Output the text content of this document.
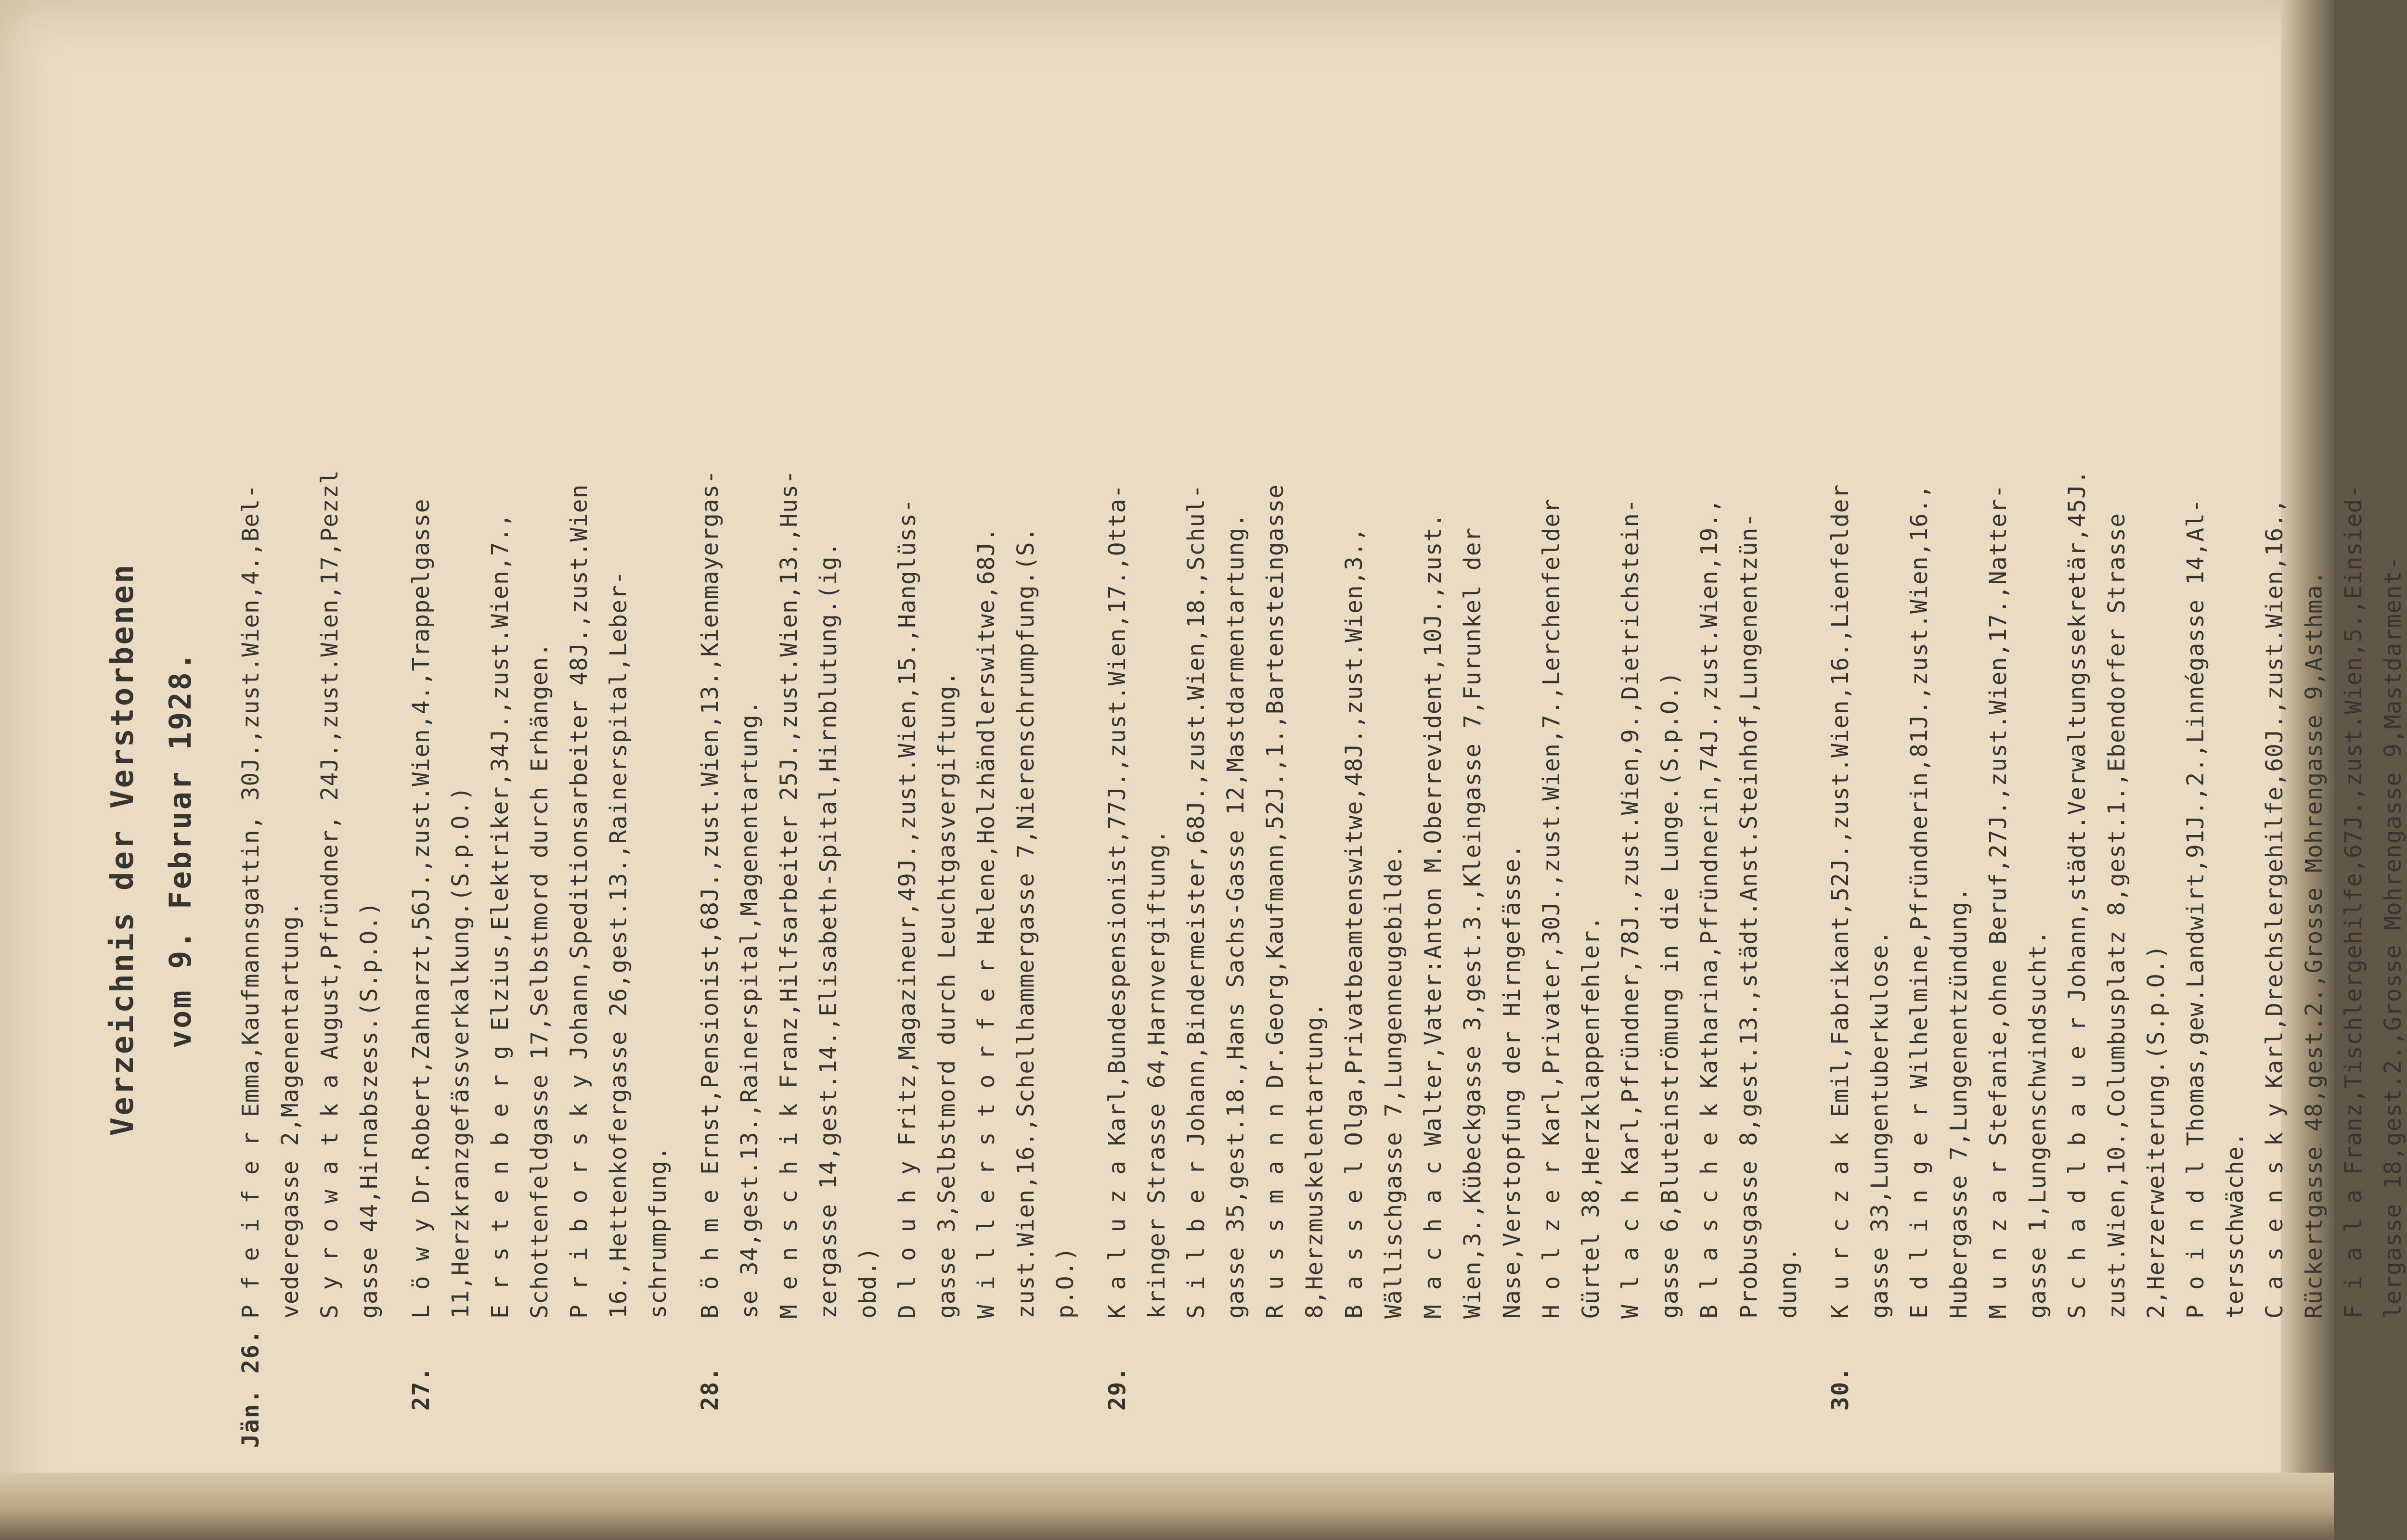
Verzeichnis der Verstorbenen vom 9. Februar 1928.

Jän. 26.
P f e i f e r Emma,Kaufmannsgattin, 30J.,zust.Wien,4.,Bel- vederegasse 2,Magenentartung. S y r o w a t k a August,Pfründner, 24J.,zust.Wien,17,Pezzl gasse 44,Hirnabszess.(S.p.O.)
27.
L ö w y Dr.Robert,Zahnarzt,56J.,zust.Wien,4.,Trappelgasse 11,Herzkranzgefässverkalkung.(S.p.O.) E r s t e n b e r g Elzius,Elektriker,34J.,zust.Wien,7., Schottenfeldgasse 17,Selbstmord durch Erhängen. P r i b o r s k y Johann,Speditionsarbeiter 48J.,zust.Wien 16.,Hettenkofergasse 26,gest.13.,Rainerspital,Leber- schrumpfung.
28.
B ö h m e Ernst,Pensionist,68J.,zust.Wien,13.,Kienmayergas- se 34,gest.13.,Rainerspital,Magenentartung. M e n s c h i k Franz,Hilfsarbeiter 25J.,zust.Wien,13.,Hus- zergasse 14,gest.14.,Elisabeth-Spital,Hirnblutung.(ig. obd.) D l o u h y Fritz,Magazineur,49J.,zust.Wien,15.,Hanglüss- gasse 3,Selbstmord durch Leuchtgasvergiftung. W i l l e r s t o r f e r Helene,Holzhändlerswitwe,68J. zust.Wien,16.,Schellhammergasse 7,Nierenschrumpfung.(S. p.O.)
29.
K a l u z a Karl,Bundespensionist,77J.,zust.Wien,17.,Otta- kringer Strasse 64,Harnvergiftung. S i l b e r Johann,Bindermeister,68J.,zust.Wien,18.,Schul- gasse 35,gest.18.,Hans Sachs-Gasse 12,Mastdarmentartung. R u s s m a n n Dr.Georg,Kaufmann,52J.,1.,Bartensteingasse 8,Herzmuskelentartung. B a s s e l Olga,Privatbeamtenswitwe,48J.,zust.Wien,3., Wällischgasse 7,Lungenneugebilde. M a c h a c Walter,Vater:Anton M.Oberrevident,10J.,zust. Wien,3.,Kübeckgasse 3,gest.3.,Kleingasse 7,Furunkel der Nase,Verstopfung der Hirngefässe. H o l z e r Karl,Privater,30J.,zust.Wien,7.,Lerchenfelder Gürtel 38,Herzklappenfehler. W l a c h Karl,Pfründner,78J.,zust.Wien,9.,Dietrichstein- gasse 6,Bluteinströmung in die Lunge.(S.p.O.) B l a s c h e k Katharina,Pfründnerin,74J.,zust.Wien,19., Probusgasse 8,gest.13.,städt.Anst.Steinhof,Lungenentzün- dung.
30.
K u r c z a k Emil,Fabrikant,52J.,zust.Wien,16.,Lienfelder gasse 33,Lungentuberkulose. E d l i n g e r Wilhelmine,Pfründnerin,81J.,zust.Wien,16., Hubergasse 7,Lungenentzündung. M u n z a r Stefanie,ohne Beruf,27J.,zust.Wien,17.,Natter- gasse 1,Lungenschwindsucht. S c h a d l b a u e r Johann,städt.Verwaltungssekretär,45J. zust.Wien,10.,Columbusplatz 8,gest.1.,Ebendorfer Strasse 2,Herzerweiterung.(S.p.O.) P o i n d l Thomas,gew.Landwirt,91J.,2.,Linnégasse 14,Al- tersschwäche. C a s e n s k y Karl,Drechslergehilfe,60J.,zust.Wien,16., Rückertgasse 48,gest.2.,Grosse Mohrengasse 9,Asthma. F i a l a Franz,Tischlergehilfe,67J.,zust.Wien,5.,Einsied- lergasse 18,gest.2.,Grosse Mohrengasse 9,Mastdarment-
